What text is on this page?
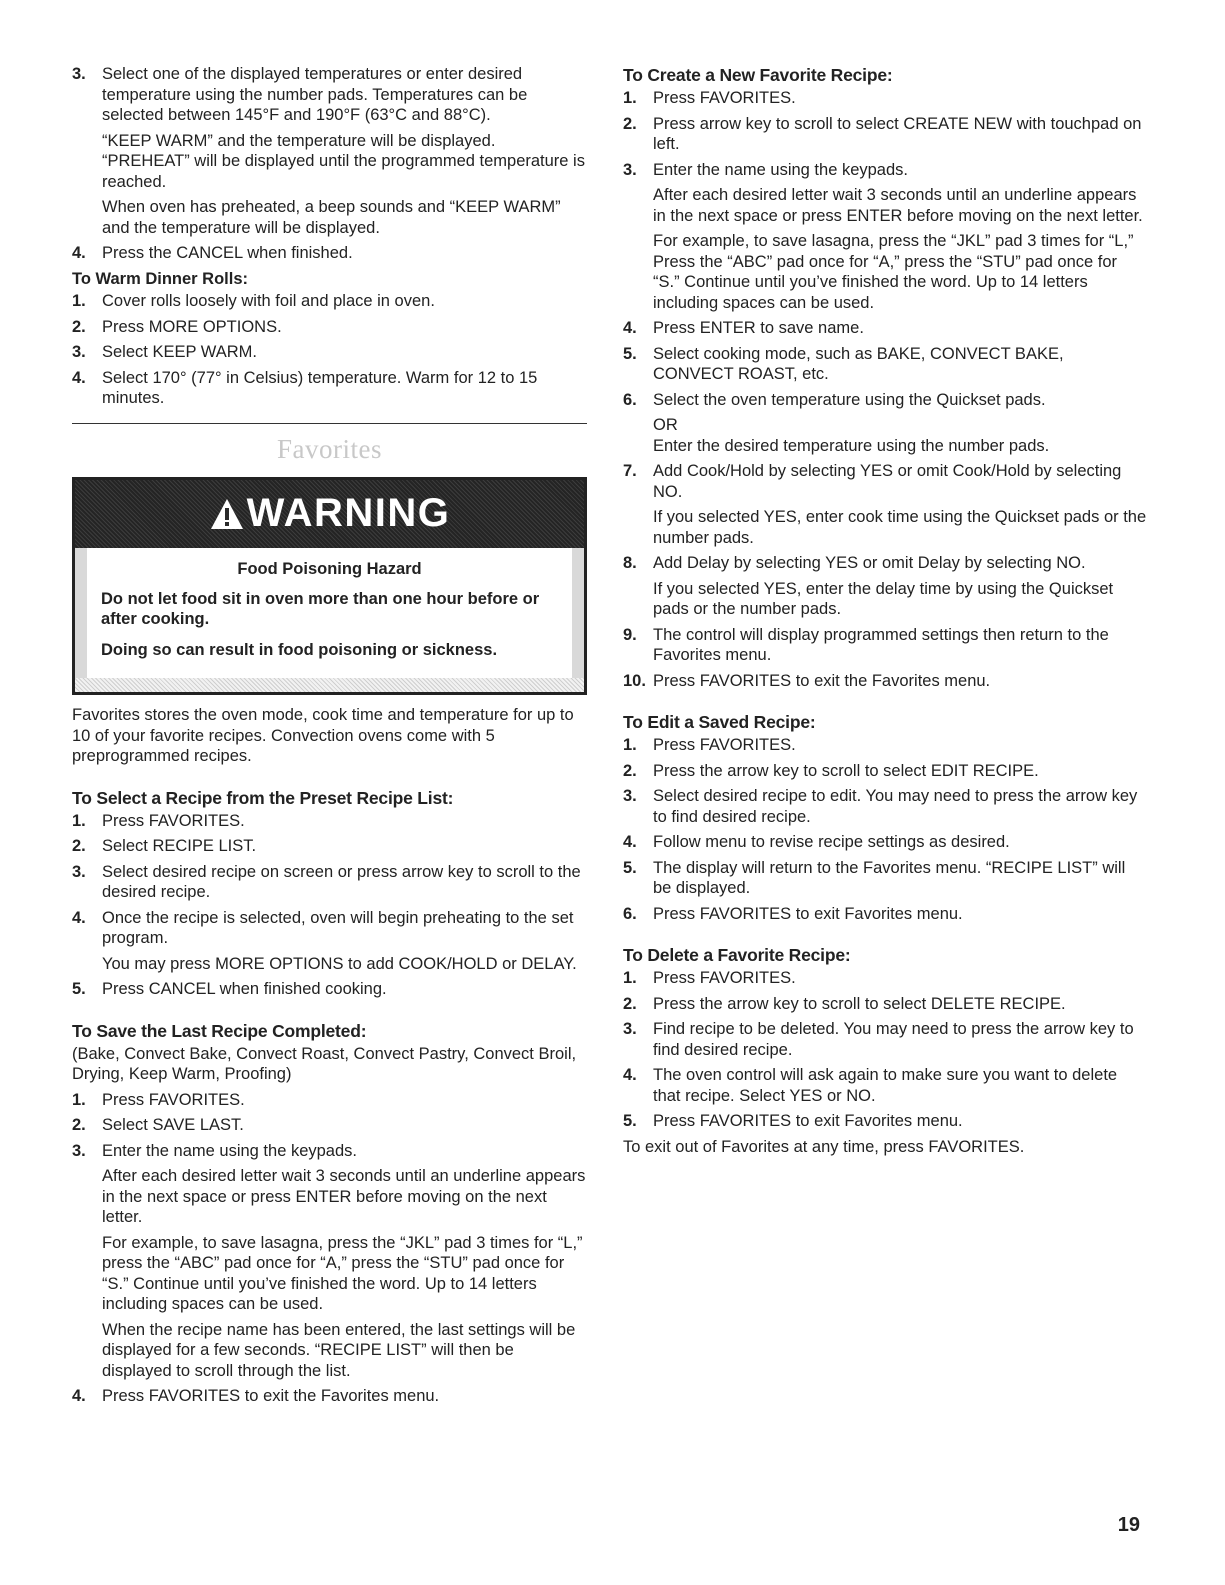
3. Select one of the displayed temperatures or enter desired temperature using the number pads. Temperatures can be selected between 145°F and 190°F (63°C and 88°C).

“KEEP WARM” and the temperature will be displayed. “PREHEAT” will be displayed until the programmed temperature is reached.

When oven has preheated, a beep sounds and “KEEP WARM” and the temperature will be displayed.

4. Press the CANCEL when finished.
To Warm Dinner Rolls:
1. Cover rolls loosely with foil and place in oven.
2. Press MORE OPTIONS.
3. Select KEEP WARM.
4. Select 170° (77° in Celsius) temperature. Warm for 12 to 15 minutes.
Favorites
WARNING
Food Poisoning Hazard
Do not let food sit in oven more than one hour before or after cooking.
Doing so can result in food poisoning or sickness.

Favorites stores the oven mode, cook time and temperature for up to 10 of your favorite recipes. Convection ovens come with 5 preprogrammed recipes.

To Select a Recipe from the Preset Recipe List:
1. Press FAVORITES.
2. Select RECIPE LIST.
3. Select desired recipe on screen or press arrow key to scroll to the desired recipe.
4. Once the recipe is selected, oven will begin preheating to the set program.

You may press MORE OPTIONS to add COOK/HOLD or DELAY.

5. Press CANCEL when finished cooking.
To Save the Last Recipe Completed:

(Bake, Convect Bake, Convect Roast, Convect Pastry, Convect Broil, Drying, Keep Warm, Proofing)

1. Press FAVORITES.
2. Select SAVE LAST.
3. Enter the name using the keypads.

After each desired letter wait 3 seconds until an underline appears in the next space or press ENTER before moving on the next letter.

For example, to save lasagna, press the “JKL” pad 3 times for “L,” press the “ABC” pad once for “A,” press the “STU” pad once for “S.” Continue until you’ve finished the word. Up to 14 letters including spaces can be used.

When the recipe name has been entered, the last settings will be displayed for a few seconds. “RECIPE LIST” will then be displayed to scroll through the list.

4. Press FAVORITES to exit the Favorites menu.
To Create a New Favorite Recipe:
1. Press FAVORITES.
2. Press arrow key to scroll to select CREATE NEW with touchpad on left.
3. Enter the name using the keypads.

After each desired letter wait 3 seconds until an underline appears in the next space or press ENTER before moving on the next letter.

For example, to save lasagna, press the “JKL” pad 3 times for “L,” Press the “ABC” pad once for “A,” press the “STU” pad once for “S.” Continue until you’ve finished the word. Up to 14 letters including spaces can be used.

4. Press ENTER to save name.
5. Select cooking mode, such as BAKE, CONVECT BAKE, CONVECT ROAST, etc.
6. Select the oven temperature using the Quickset pads.

OR
Enter the desired temperature using the number pads.

7. Add Cook/Hold by selecting YES or omit Cook/Hold by selecting NO.

If you selected YES, enter cook time using the Quickset pads or the number pads.

8. Add Delay by selecting YES or omit Delay by selecting NO.

If you selected YES, enter the delay time by using the Quickset pads or the number pads.

9. The control will display programmed settings then return to the Favorites menu.
10. Press FAVORITES to exit the Favorites menu.
To Edit a Saved Recipe:
1. Press FAVORITES.
2. Press the arrow key to scroll to select EDIT RECIPE.
3. Select desired recipe to edit. You may need to press the arrow key to find desired recipe.
4. Follow menu to revise recipe settings as desired.
5. The display will return to the Favorites menu. “RECIPE LIST” will be displayed.
6. Press FAVORITES to exit Favorites menu.
To Delete a Favorite Recipe:
1. Press FAVORITES.
2. Press the arrow key to scroll to select DELETE RECIPE.
3. Find recipe to be deleted. You may need to press the arrow key to find desired recipe.
4. The oven control will ask again to make sure you want to delete that recipe. Select YES or NO.
5. Press FAVORITES to exit Favorites menu.

To exit out of Favorites at any time, press FAVORITES.

19
